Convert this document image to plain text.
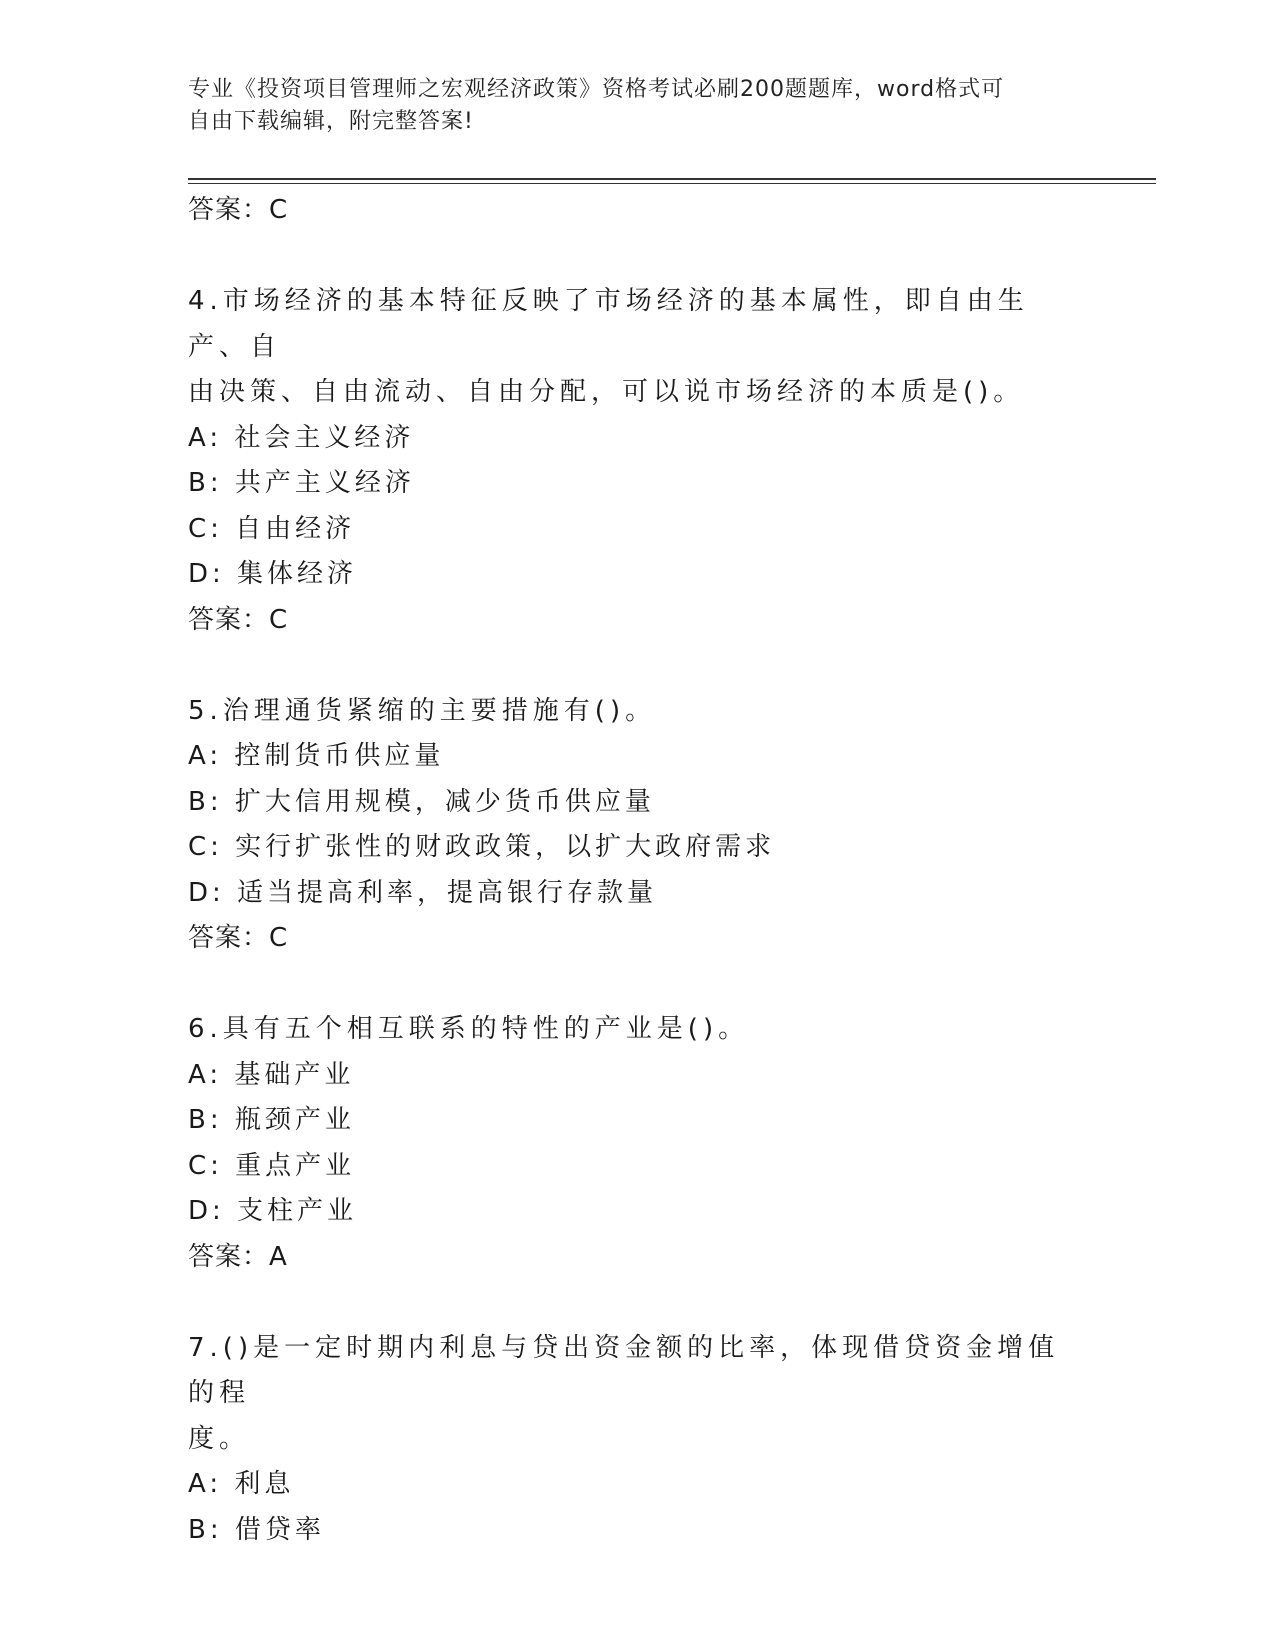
专业《投资项目管理师之宏观经济政策》资格考试必刷200题题库，word格式可
自由下载编辑，附完整答案!
答案：C
4.市场经济的基本特征反映了市场经济的基本属性，即自由生产、自
由决策、自由流动、自由分配，可以说市场经济的本质是()。
A: 社会主义经济
B: 共产主义经济
C: 自由经济
D: 集体经济
答案：C
5.治理通货紧缩的主要措施有()。
A: 控制货币供应量
B: 扩大信用规模，减少货币供应量
C: 实行扩张性的财政政策，以扩大政府需求
D: 适当提高利率，提高银行存款量
答案：C
6.具有五个相互联系的特性的产业是()。
A: 基础产业
B: 瓶颈产业
C: 重点产业
D: 支柱产业
答案：A
7.()是一定时期内利息与贷出资金额的比率，体现借贷资金增值的程
度。
A: 利息
B: 借贷率
